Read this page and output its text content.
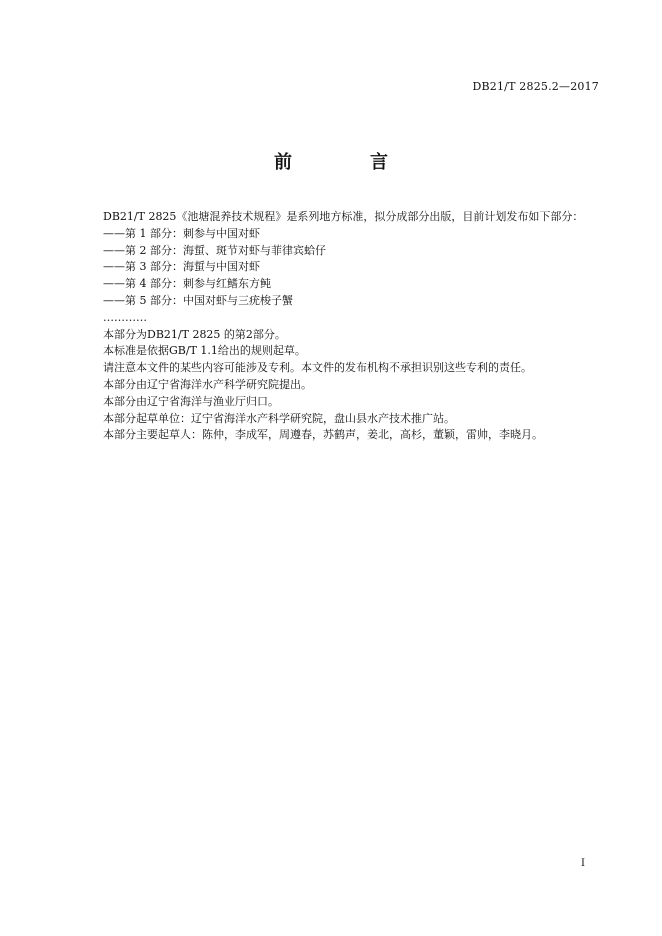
DB21/T 2825.2—2017
前　言
DB21/T 2825《池塘混养技术规程》是系列地方标准，拟分成部分出版，目前计划发布如下部分：
——第 1 部分：刺参与中国对虾
——第 2 部分：海蜇、斑节对虾与菲律宾蛤仔
——第 3 部分：海蜇与中国对虾
——第 4 部分：刺参与红鳍东方鲀
——第 5 部分：中国对虾与三疣梭子蟹
…………
本部分为DB21/T 2825 的第2部分。
本标准是依据GB/T 1.1给出的规则起草。
请注意本文件的某些内容可能涉及专利。本文件的发布机构不承担识别这些专利的责任。
本部分由辽宁省海洋水产科学研究院提出。
本部分由辽宁省海洋与渔业厅归口。
本部分起草单位：辽宁省海洋水产科学研究院，盘山县水产技术推广站。
本部分主要起草人：陈仲，李成军，周遵春，苏鹤声，姜北，高杉，董颖，雷帅，李晓月。
I
